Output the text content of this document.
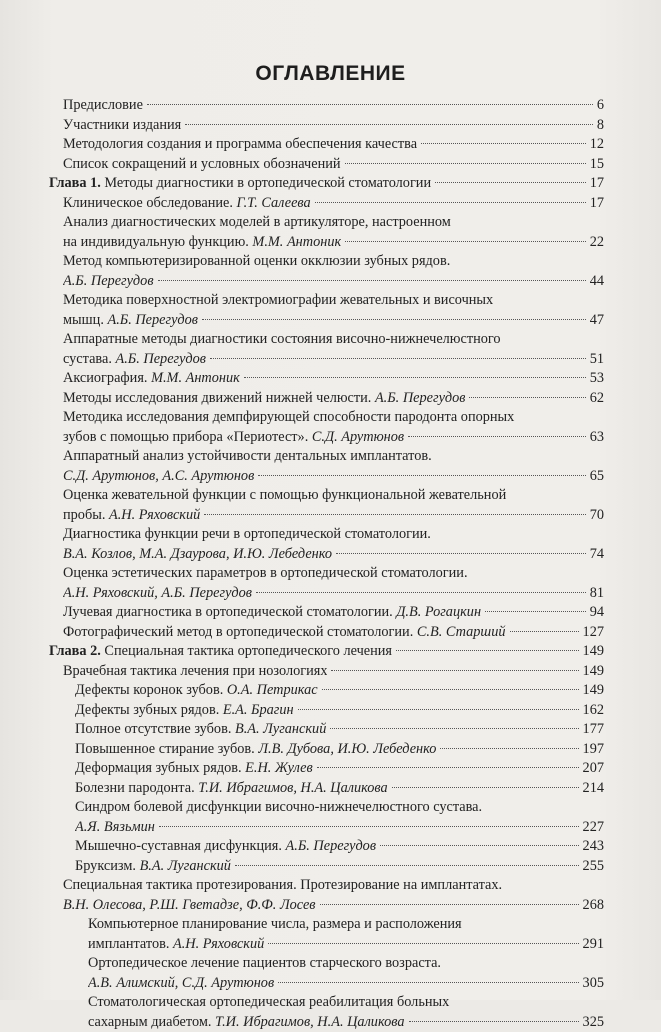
ОГЛАВЛЕНИЕ
Предисловие	6
Участники издания	8
Методология создания и программа обеспечения качества	12
Список сокращений и условных обозначений	15
Глава 1. Методы диагностики в ортопедической стоматологии	17
Клиническое обследование. Г.Т. Салеева	17
Анализ диагностических моделей в артикуляторе, настроенном
на индивидуальную функцию. М.М. Антоник	22
Метод компьютеризированной оценки окклюзии зубных рядов.
А.Б. Перегудов	44
Методика поверхностной электромиографии жевательных и височных
мышц. А.Б. Перегудов	47
Аппаратные методы диагностики состояния височно-нижнечелюстного
сустава. А.Б. Перегудов	51
Аксиография. М.М. Антоник	53
Методы исследования движений нижней челюсти. А.Б. Перегудов	62
Методика исследования демпфирующей способности пародонта опорных
зубов с помощью прибора «Периотест». С.Д. Арутюнов	63
Аппаратный анализ устойчивости дентальных имплантатов.
С.Д. Арутюнов, А.С. Арутюнов	65
Оценка жевательной функции с помощью функциональной жевательной
пробы. А.Н. Ряховский	70
Диагностика функции речи в ортопедической стоматологии.
В.А. Козлов, М.А. Дзаурова, И.Ю. Лебеденко	74
Оценка эстетических параметров в ортопедической стоматологии.
А.Н. Ряховский, А.Б. Перегудов	81
Лучевая диагностика в ортопедической стоматологии. Д.В. Рогацкин	94
Фотографический метод в ортопедической стоматологии. С.В. Старший	127
Глава 2. Специальная тактика ортопедического лечения	149
Врачебная тактика лечения при нозологиях	149
Дефекты коронок зубов. О.А. Петрикас	149
Дефекты зубных рядов. Е.А. Брагин	162
Полное отсутствие зубов. В.А. Луганский	177
Повышенное стирание зубов. Л.В. Дубова, И.Ю. Лебеденко	197
Деформация зубных рядов. Е.Н. Жулев	207
Болезни пародонта. Т.И. Ибрагимов, Н.А. Цаликова	214
Синдром болевой дисфункции височно-нижнечелюстного сустава.
А.Я. Вязьмин	227
Мышечно-суставная дисфункция. А.Б. Перегудов	243
Бруксизм. В.А. Луганский	255
Специальная тактика протезирования. Протезирование на имплантатах.
В.Н. Олесова, Р.Ш. Гветадзе, Ф.Ф. Лосев	268
Компьютерное планирование числа, размера и расположения
имплантатов. А.Н. Ряховский	291
Ортопедическое лечение пациентов старческого возраста.
А.В. Алимский, С.Д. Арутюнов	305
Стоматологическая ортопедическая реабилитация больных
сахарным диабетом. Т.И. Ибрагимов, Н.А. Цаликова	325
